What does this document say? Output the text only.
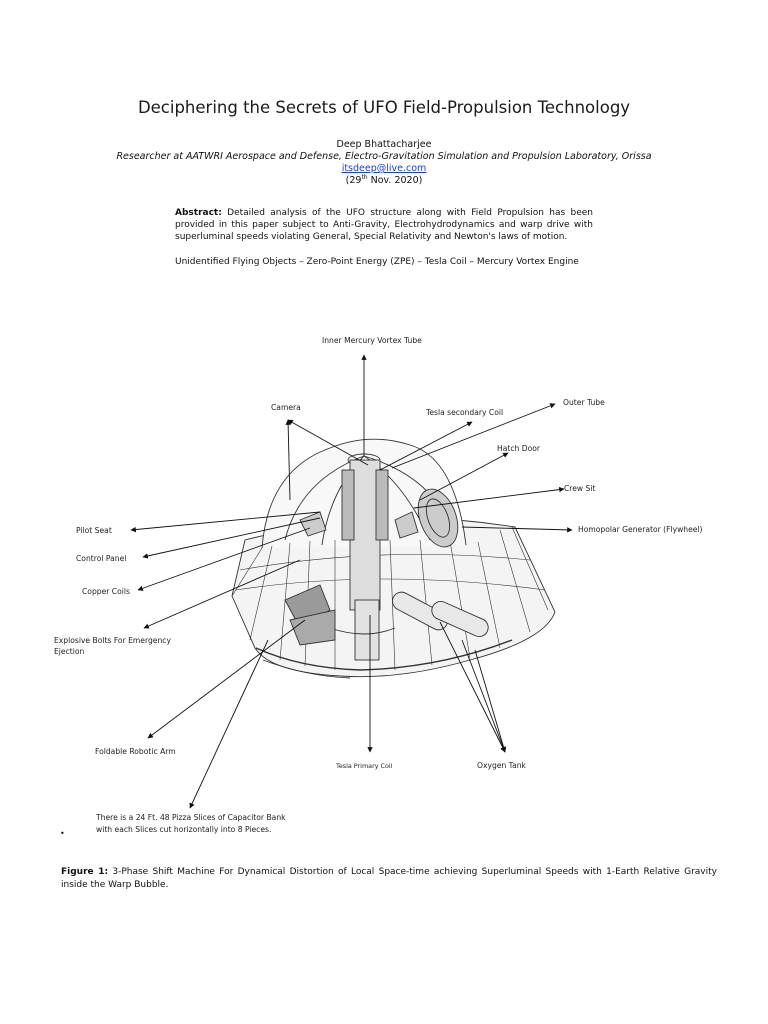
Deciphering the Secrets of UFO Field-Propulsion Technology
Deep Bhattacharjee
Researcher at AATWRI Aerospace and Defense, Electro-Gravitation Simulation and Propulsion Laboratory, Orissa
itsdeep@live.com
(29th Nov. 2020)
Abstract: Detailed analysis of the UFO structure along with Field Propulsion has been provided in this paper subject to Anti-Gravity, Electrohydrodynamics and warp drive with superluminal speeds violating General, Special Relativity and Newton's laws of motion.
Unidentified Flying Objects – Zero-Point Energy (ZPE) – Tesla Coil – Mercury Vortex Engine
Inner Mercury Vortex Tube
Camera
Tesla secondary Coil
Outer Tube
Hatch Door
Crew Sit
Pilot Seat	Homopolar Generator (Flywheel)
Control Panel
Copper Coils
Explosive Bolts For Emergency
Ejection
Foldable Robotic Arm
Tesla Primary Coil	Oxygen Tank
There is a 24 Ft. 48 Pizza Slices of Capacitor Bank
with each Slices cut horizontally into 8 Pieces.
•
Figure 1: 3-Phase Shift Machine For Dynamical Distortion of Local Space-time achieving Superluminal Speeds with 1-Earth Relative Gravity inside the Warp Bubble.
